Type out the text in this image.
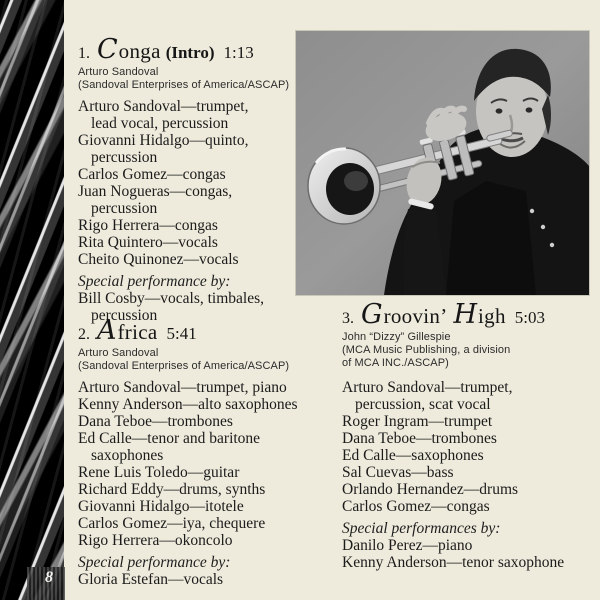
8
1. C onga (Intro) 1:13
Arturo Sandoval
(Sandoval Enterprises of America/ASCAP)
Arturo Sandoval—trumpet,
lead vocal, percussion
Giovanni Hidalgo—quinto,
percussion
Carlos Gomez—congas
Juan Nogueras—congas,
percussion
Rigo Herrera—congas
Rita Quintero—vocals
Cheito Quinonez—vocals
Special performance by:
Bill Cosby—vocals, timbales,
percussion
2. A frica 5:41
Arturo Sandoval
(Sandoval Enterprises of America/ASCAP)
Arturo Sandoval—trumpet, piano
Kenny Anderson—alto saxophones
Dana Teboe—trombones
Ed Calle—tenor and baritone
saxophones
Rene Luis Toledo—guitar
Richard Eddy—drums, synths
Giovanni Hidalgo—itotele
Carlos Gomez—iya, chequere
Rigo Herrera—okoncolo
Special performance by:
Gloria Estefan—vocals
3. G roovin’ H igh 5:03
John “Dizzy” Gillespie
(MCA Music Publishing, a division
of MCA INC./ASCAP)
Arturo Sandoval—trumpet,
percussion, scat vocal
Roger Ingram—trumpet
Dana Teboe—trombones
Ed Calle—saxophones
Sal Cuevas—bass
Orlando Hernandez—drums
Carlos Gomez—congas
Special performances by:
Danilo Perez—piano
Kenny Anderson—tenor saxophone
